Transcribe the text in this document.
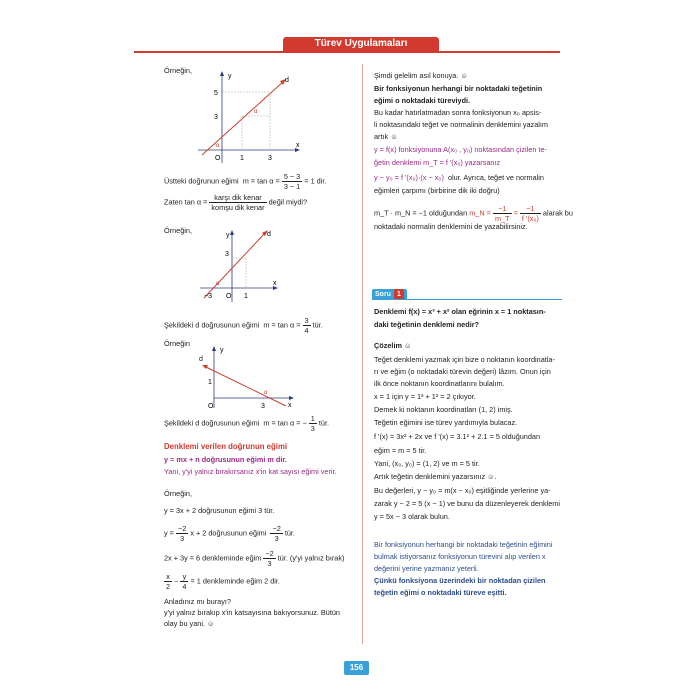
Türev Uygulamaları
Örneğin,
y
x
d
O
5
3
1	3
α
α
Üstteki doğrunun eğimi $m = \tan \alpha = \frac{5 - 3}{3 - 1} = 1$ dir.
Zaten $\tan \alpha = \frac{\text{karşı dik kenar}}{\text{komşu dik kenar}}$ değil miydi?
Örneğin,
y
x
d
O
3
−3	1
α
Şekildeki d doğrusunun eğimi $m = \tan \alpha = \frac{3}{4}$ tür.
Örneğin
y
x
d
O
1
3
α
Şekildeki d doğrusunun eğimi m = tan α = − $\frac{1}{3}$ tür.
Denklemi verilen doğrunun eğimi
y = mx + n doğrusunun eğimi m dir.
Yani, y'yi yalnız bırakırsanız x'in kat sayısı eğimi verir.
Örneğin,
y = 3x + 2 doğrusunun eğimi 3 tür.
$y = \frac{-2}{3}$ x + 2 doğrusunun eğimi $\frac{-2}{3}$ tür.
2x + 3y = 6 denkleminde eğim $\frac{-2}{3}$ tür. (y'yi yalnız bırak)
$\frac{x}{2} - \frac{y}{4} = 1$ denkleminde eğim 2 dir.
Anladınız mı burayı?
y'yi yalnız bırakıp x'in katsayısına bakıyorsunuz. Bütün
olay bu yani. ☺
Şimdi gelelim asıl konuya. ☺
Bir fonksiyonun herhangi bir noktadaki teğetinin
eğimi o noktadaki türeviydi.
Bu kadar hatırlatmadan sonra fonksiyonun x₀ apsis-
li noktasındaki teğet ve normalinin denklemini yazalım
artık ☺
y = f(x) fonksiyonuna A(x₀ , y₀) noktasından çizilen te-
ğetin denklemi m_T = f '(x₀) yazarsanız
y − y₀ = f '(x₀)·(x − x₀) olur. Ayrıca, teğet ve normalin
eğimleri çarpımı (birbirine dik iki doğru)
m_T · m_N = −1 olduğundan m_N = $\frac{-1}{m\_T} = \frac{-1}{\text{f '(x₀)}}$ alarak bu
noktadaki normalin denklemini de yazabilirsiniz.
Soru 1
Denklemi f(x) = x³ + x² olan eğrinin x = 1 noktasın-
daki teğetinin denklemi nedir?
Çözelim ☺
Teğet denklemi yazmak için bize o noktanın koordinatla-
rı ve eğim (o noktadaki türevin değeri) lâzım. Onun için
ilk önce noktanın koordinatlarını bulalım.
x = 1 için y = 1³ + 1² = 2 çıkıyor.
Demek ki noktanın koordinatları (1, 2) imiş.
Teğetin eğimini ise türev yardımıyla bulacaz.
f '(x) = 3x² + 2x ve f '(x) = 3.1² + 2.1 = 5 olduğundan
eğim = m = 5 tir.
Yani, (x₀, y₀) = (1, 2) ve m = 5 tir.
Artık teğetin denklemini yazarsınız ☺.
Bu değerleri, y − y₀ = m(x − x₀) eşitliğinde yerlerine ya-
zarak y − 2 = 5 (x − 1) ve bunu da düzenleyerek denklemi
y = 5x − 3 olarak bulun.
Bir fonksiyonun herhangi bir noktadaki teğetinin eğimini
bulmak istiyorsanız fonksiyonun türevini alıp verilen x
değerini yerine yazmanız yeterli.
Çünkü fonksiyona üzerindeki bir noktadan çizilen
teğetin eğimi o noktadaki türeve eşitti.
156
